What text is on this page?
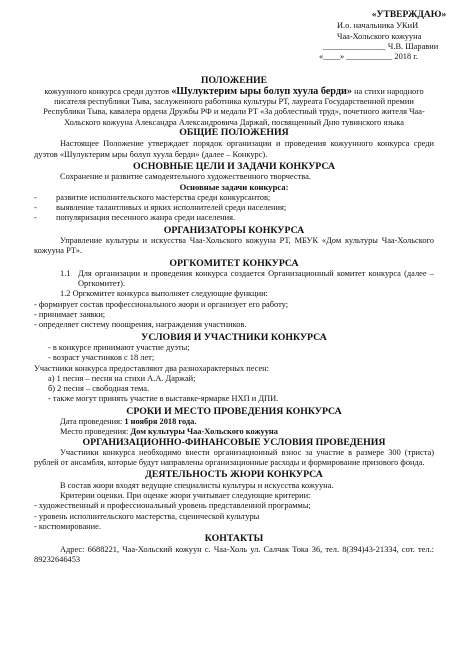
«УТВЕРЖДАЮ»
И.о. начальника УКиИ
Чаа-Хольского кожууна
_______________ Ч.В. Шаравии
«____» ___________ 2018 г.
ПОЛОЖЕНИЕ
кожуунного конкурса среди дуэтов «Шулуктерим ыры болуп хуула берди» на стихи народного писателя республики Тыва, заслуженного работника культуры РТ, лауреата Государственной премии Республики Тыва, кавалера ордена Дружбы РФ и медали РТ «За доблестный труд», почетного жителя Чаа-Хольского кожууна Александра Александровича Даржай, посвященный Дню тувинского языка
ОБЩИЕ ПОЛОЖЕНИЯ
Настоящее Положение утверждает порядок организации и проведения кожуунного конкурса среди дуэтов «Шулуктерим ыры болуп хуула берди» (далее – Конкурс).
ОСНОВНЫЕ ЦЕЛИ И ЗАДАЧИ КОНКУРСА
Сохранение и развитие самодеятельного художественного творчества.
Основные задачи конкурса:
-	развитие исполнительского мастерства среди конкурсантов;
-	выявление талантливых и ярких исполнителей среди населения;
-	популяризация песенного жанра среди населения.
ОРГАНИЗАТОРЫ КОНКУРСА
Управление культуры и искусства Чаа-Хольского кожууна РТ, МБУК «Дом культуры Чаа-Хольского кожууна РТ».
ОРГКОМИТЕТ КОНКУРСА
1.1 Для организации и проведения конкурса создается Организационный комитет конкурса (далее – Оргкомитет).
1.2 Оргкомитет конкурса выполняет следующие функции:
- формирует состав профессионального жюри и организует его работу;
- принимает заявки;
- определяет систему поощрения, награждения участников.
УСЛОВИЯ И УЧАСТНИКИ КОНКУРСА
- в конкурсе принимают участие дуэты;
- возраст участников с 18 лет;
Участники конкурса предоставляют два разнохарактерных песен:
а) 1 песня – песня на стихи А.А. Даржай;
б) 2 песня – свободная тема.
- также могут принять участие в выставке-ярмарке НХП и ДПИ.
СРОКИ И МЕСТО ПРОВЕДЕНИЯ КОНКУРСА
Дата проведения: 1 ноября 2018 года.
Место проведения: Дом культуры Чаа-Хольского кожууна
ОРГАНИЗАЦИОННО-ФИНАНСОВЫЕ УСЛОВИЯ ПРОВЕДЕНИЯ
Участники конкурса необходимо внести организационный взнос за участие в размере 300 (триста) рублей от ансамбля, которые будут направлены организационные расходы и формирование призового фонда.
ДЕЯТЕЛЬНОСТЬ ЖЮРИ КОНКУРСА
В состав жюри входят ведущие специалисты культуры и искусства кожууна.
Критерии оценки. При оценке жюри учитывает следующие критерии:
- художественный и профессиональный уровень представленной программы;
- уровень исполнительского мастерства, сценической культуры
- костюмирование.
КОНТАКТЫ
Адрес: 6688221, Чаа-Хольский кожуун с. Чаа-Холь ул. Салчак Тока 36, тел. 8(394)43-21334, сот. тел.: 89232646453
